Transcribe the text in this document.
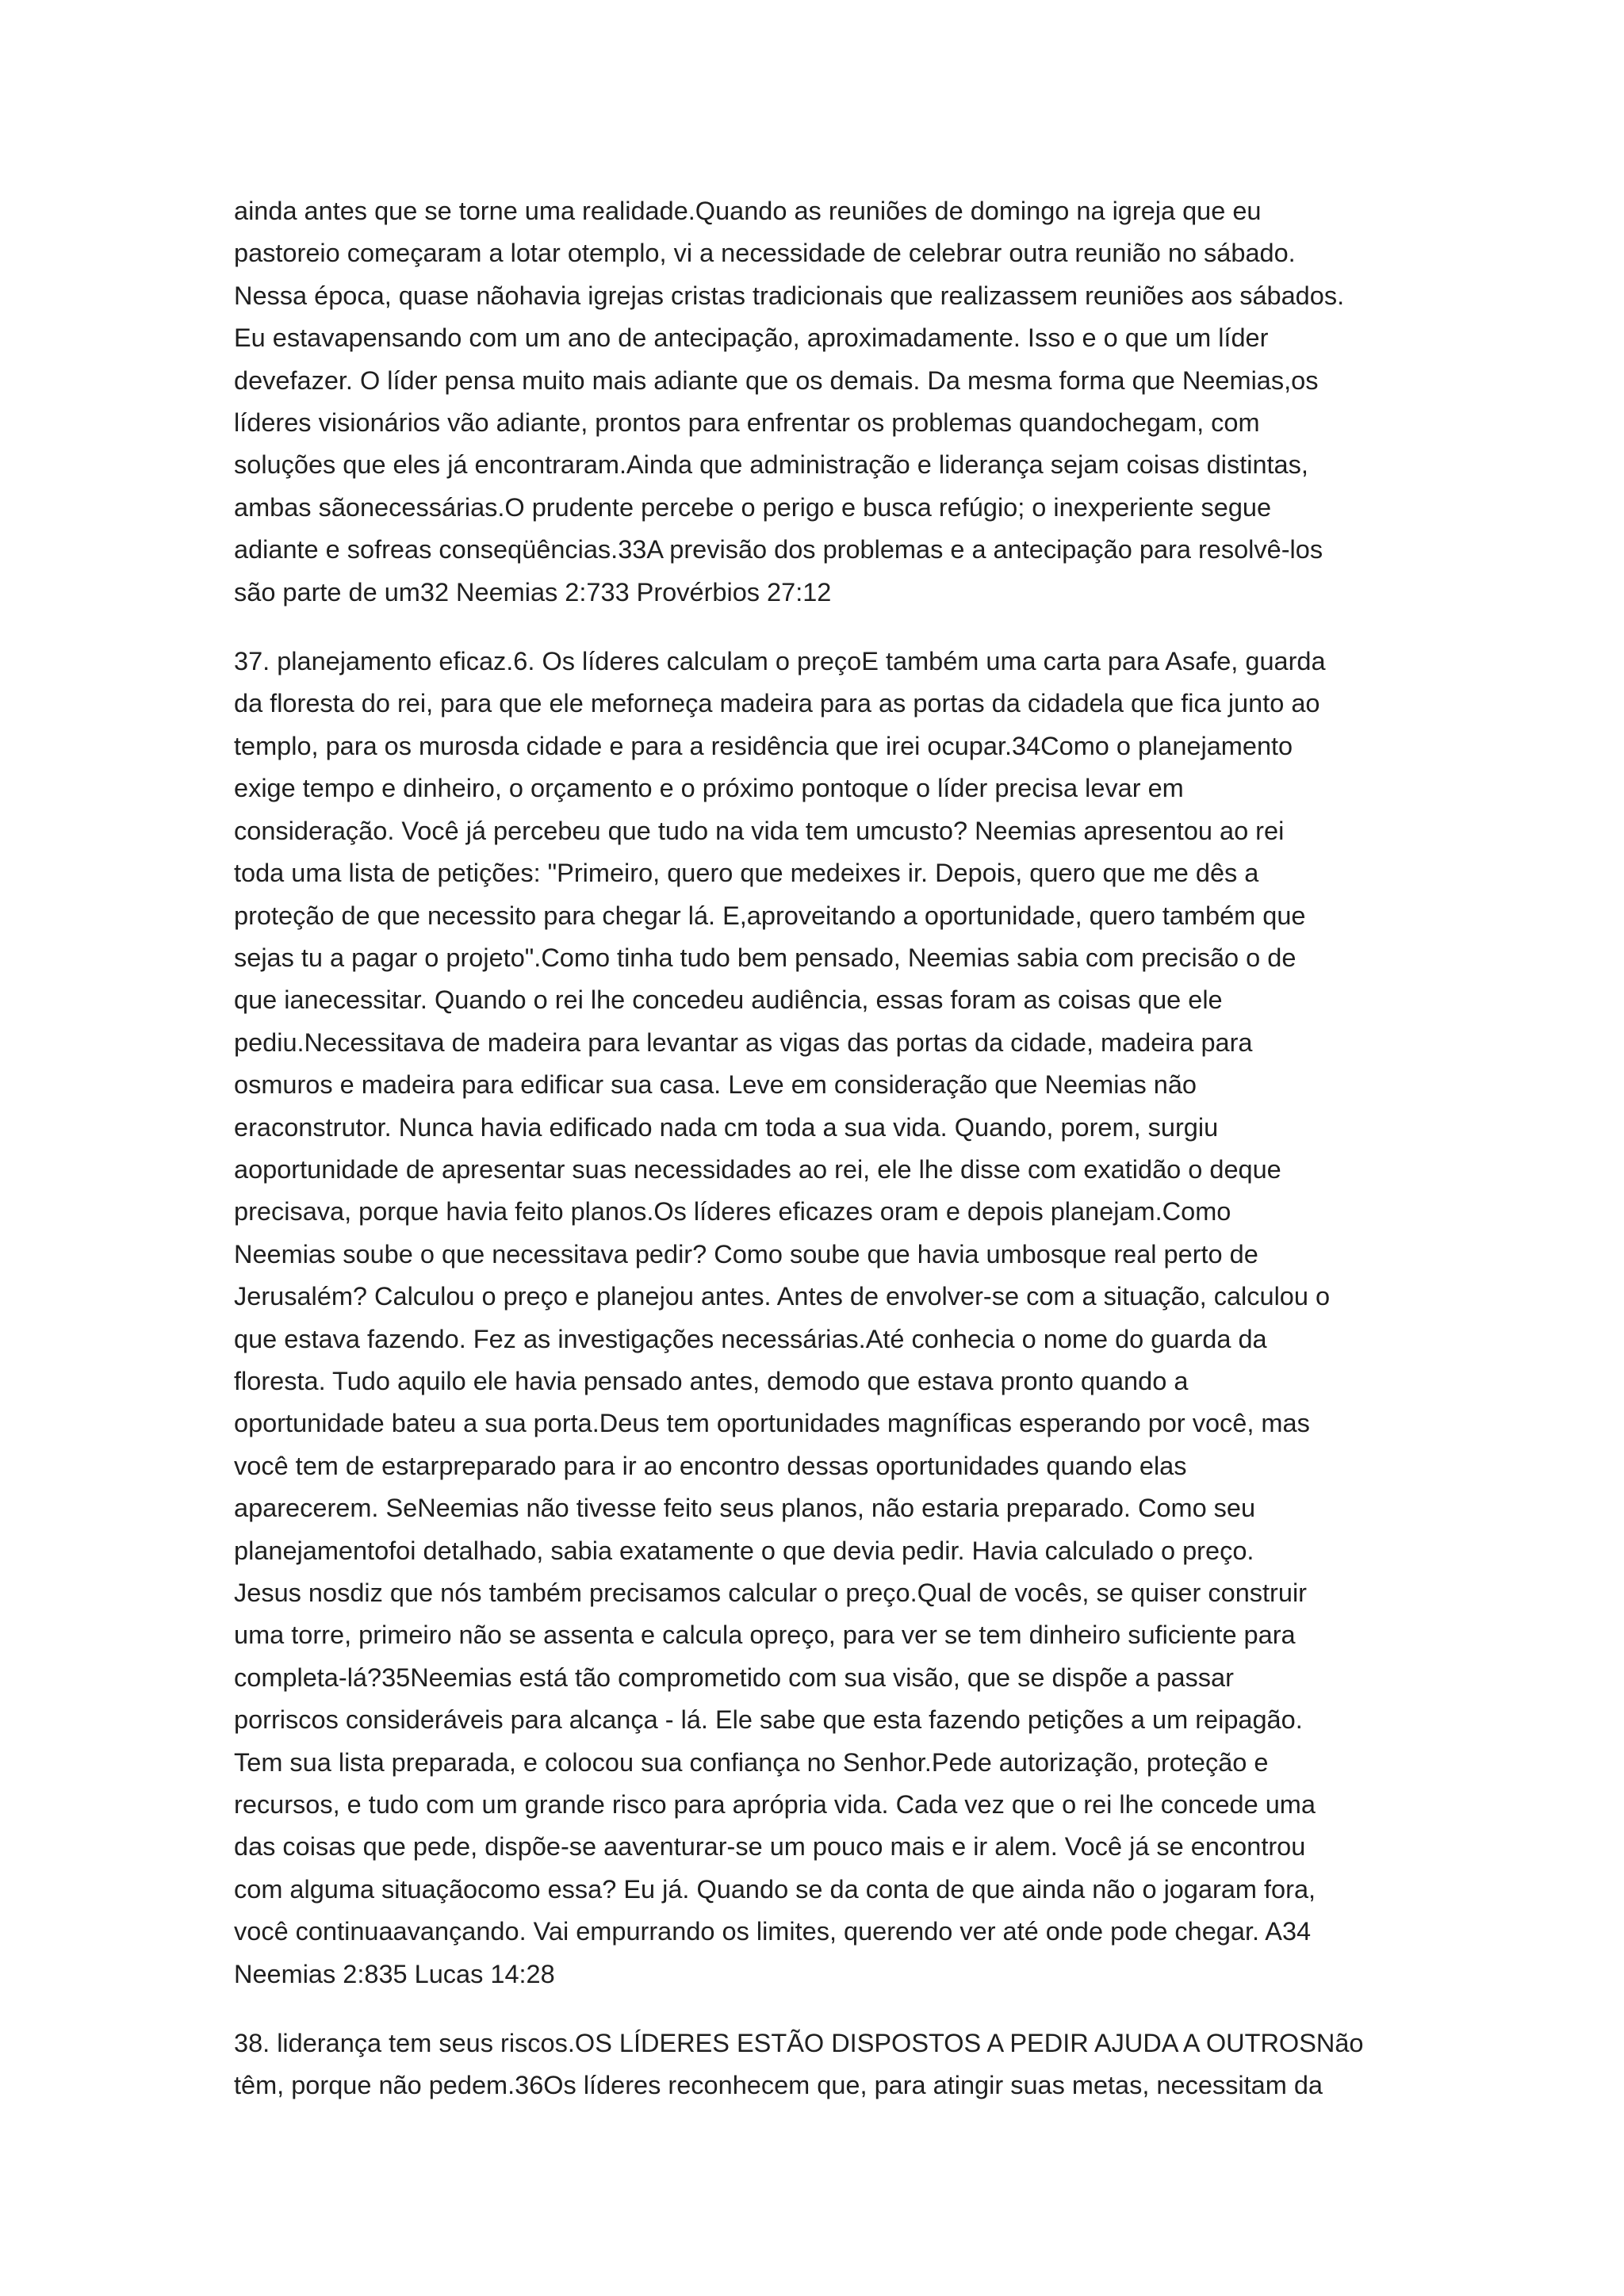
ainda antes que se torne uma realidade.Quando as reuniões de domingo na igreja que eu
pastoreio começaram a lotar otemplo, vi a necessidade de celebrar outra reunião no sábado.
Nessa época, quase nãohavia igrejas cristas tradicionais que realizassem reuniões aos sábados.
Eu estavapensando com um ano de antecipação, aproximadamente. Isso e o que um líder
devefazer. O líder pensa muito mais adiante que os demais. Da mesma forma que Neemias,os
líderes visionários vão adiante, prontos para enfrentar os problemas quandochegam, com
soluções que eles já encontraram.Ainda que administração e liderança sejam coisas distintas,
ambas sãonecessárias.O prudente percebe o perigo e busca refúgio; o inexperiente segue
adiante e sofreas conseqüências.33A previsão dos problemas e a antecipação para resolvê-los
são parte de um32 Neemias 2:733 Provérbios 27:12

37. planejamento eficaz.6. Os líderes calculam o preçoE também uma carta para Asafe, guarda
da floresta do rei, para que ele meforneça madeira para as portas da cidadela que fica junto ao
templo, para os murosda cidade e para a residência que irei ocupar.34Como o planejamento
exige tempo e dinheiro, o orçamento e o próximo pontoque o líder precisa levar em
consideração. Você já percebeu que tudo na vida tem umcusto? Neemias apresentou ao rei
toda uma lista de petições: "Primeiro, quero que medeixes ir. Depois, quero que me dês a
proteção de que necessito para chegar lá. E,aproveitando a oportunidade, quero também que
sejas tu a pagar o projeto".Como tinha tudo bem pensado, Neemias sabia com precisão o de
que ianecessitar. Quando o rei lhe concedeu audiência, essas foram as coisas que ele
pediu.Necessitava de madeira para levantar as vigas das portas da cidade, madeira para
osmuros e madeira para edificar sua casa. Leve em consideração que Neemias não
eraconstrutor. Nunca havia edificado nada cm toda a sua vida. Quando, porem, surgiu
aoportunidade de apresentar suas necessidades ao rei, ele lhe disse com exatidão o deque
precisava, porque havia feito planos.Os líderes eficazes oram e depois planejam.Como
Neemias soube o que necessitava pedir? Como soube que havia umbosque real perto de
Jerusalém? Calculou o preço e planejou antes. Antes de envolver-se com a situação, calculou o
que estava fazendo. Fez as investigações necessárias.Até conhecia o nome do guarda da
floresta. Tudo aquilo ele havia pensado antes, demodo que estava pronto quando a
oportunidade bateu a sua porta.Deus tem oportunidades magníficas esperando por você, mas
você tem de estarpreparado para ir ao encontro dessas oportunidades quando elas
aparecerem. SeNeemias não tivesse feito seus planos, não estaria preparado. Como seu
planejamentofoi detalhado, sabia exatamente o que devia pedir. Havia calculado o preço.
Jesus nosdiz que nós também precisamos calcular o preço.Qual de vocês, se quiser construir
uma torre, primeiro não se assenta e calcula opreço, para ver se tem dinheiro suficiente para
completa-lá?35Neemias está tão comprometido com sua visão, que se dispõe a passar
porriscos consideráveis para alcança - lá. Ele sabe que esta fazendo petições a um reipagão.
Tem sua lista preparada, e colocou sua confiança no Senhor.Pede autorização, proteção e
recursos, e tudo com um grande risco para aprópria vida. Cada vez que o rei lhe concede uma
das coisas que pede, dispõe-se aaventurar-se um pouco mais e ir alem. Você já se encontrou
com alguma situaçãocomo essa? Eu já. Quando se da conta de que ainda não o jogaram fora,
você continuaavançando. Vai empurrando os limites, querendo ver até onde pode chegar. A34
Neemias 2:835 Lucas 14:28

38. liderança tem seus riscos.OS LÍDERES ESTÃO DISPOSTOS A PEDIR AJUDA A OUTROSNão
têm, porque não pedem.36Os líderes reconhecem que, para atingir suas metas, necessitam da
